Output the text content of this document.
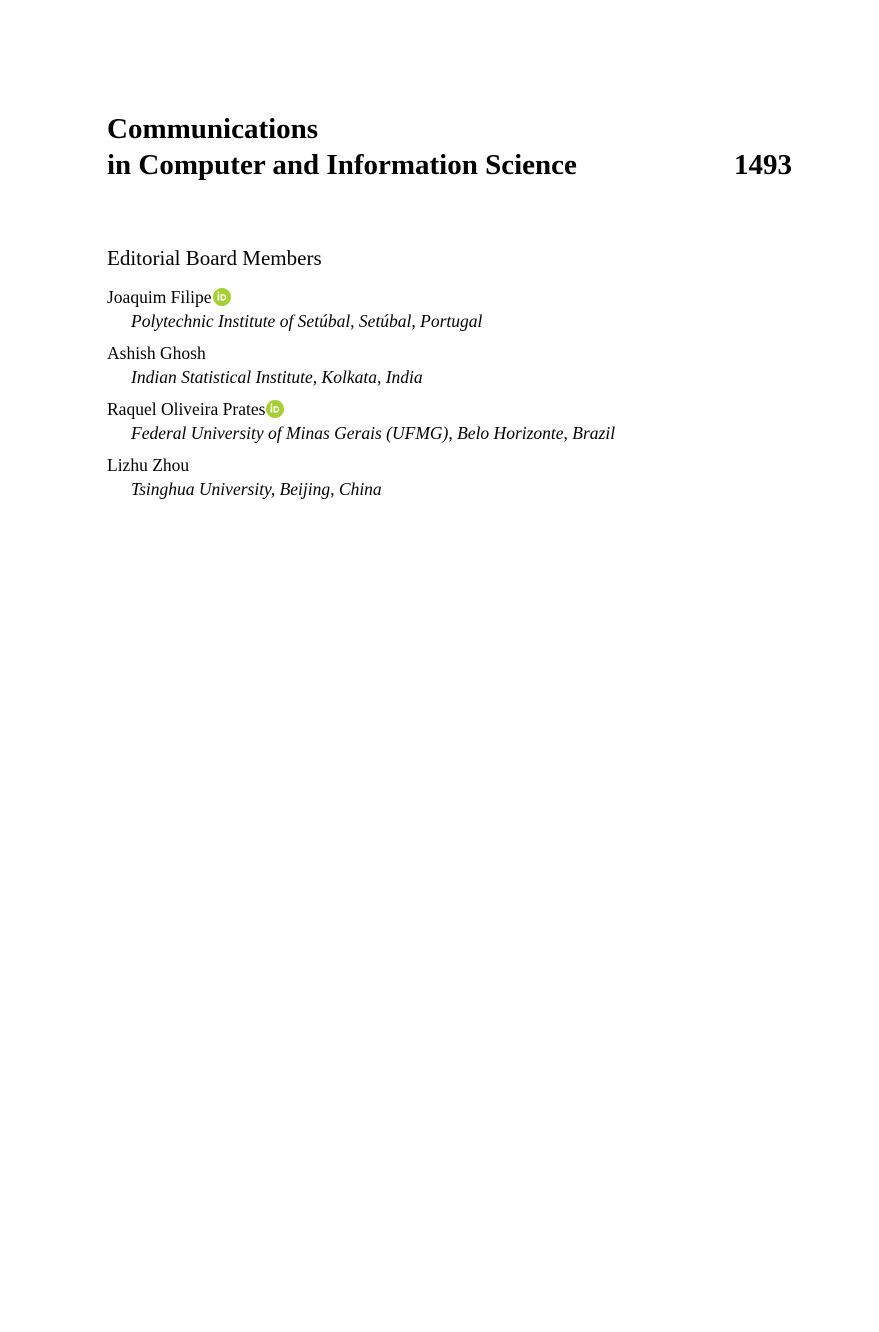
Communications
in Computer and Information Science	1493
Editorial Board Members
Joaquim Filipe
Polytechnic Institute of Setúbal, Setúbal, Portugal
Ashish Ghosh
Indian Statistical Institute, Kolkata, India
Raquel Oliveira Prates
Federal University of Minas Gerais (UFMG), Belo Horizonte, Brazil
Lizhu Zhou
Tsinghua University, Beijing, China
